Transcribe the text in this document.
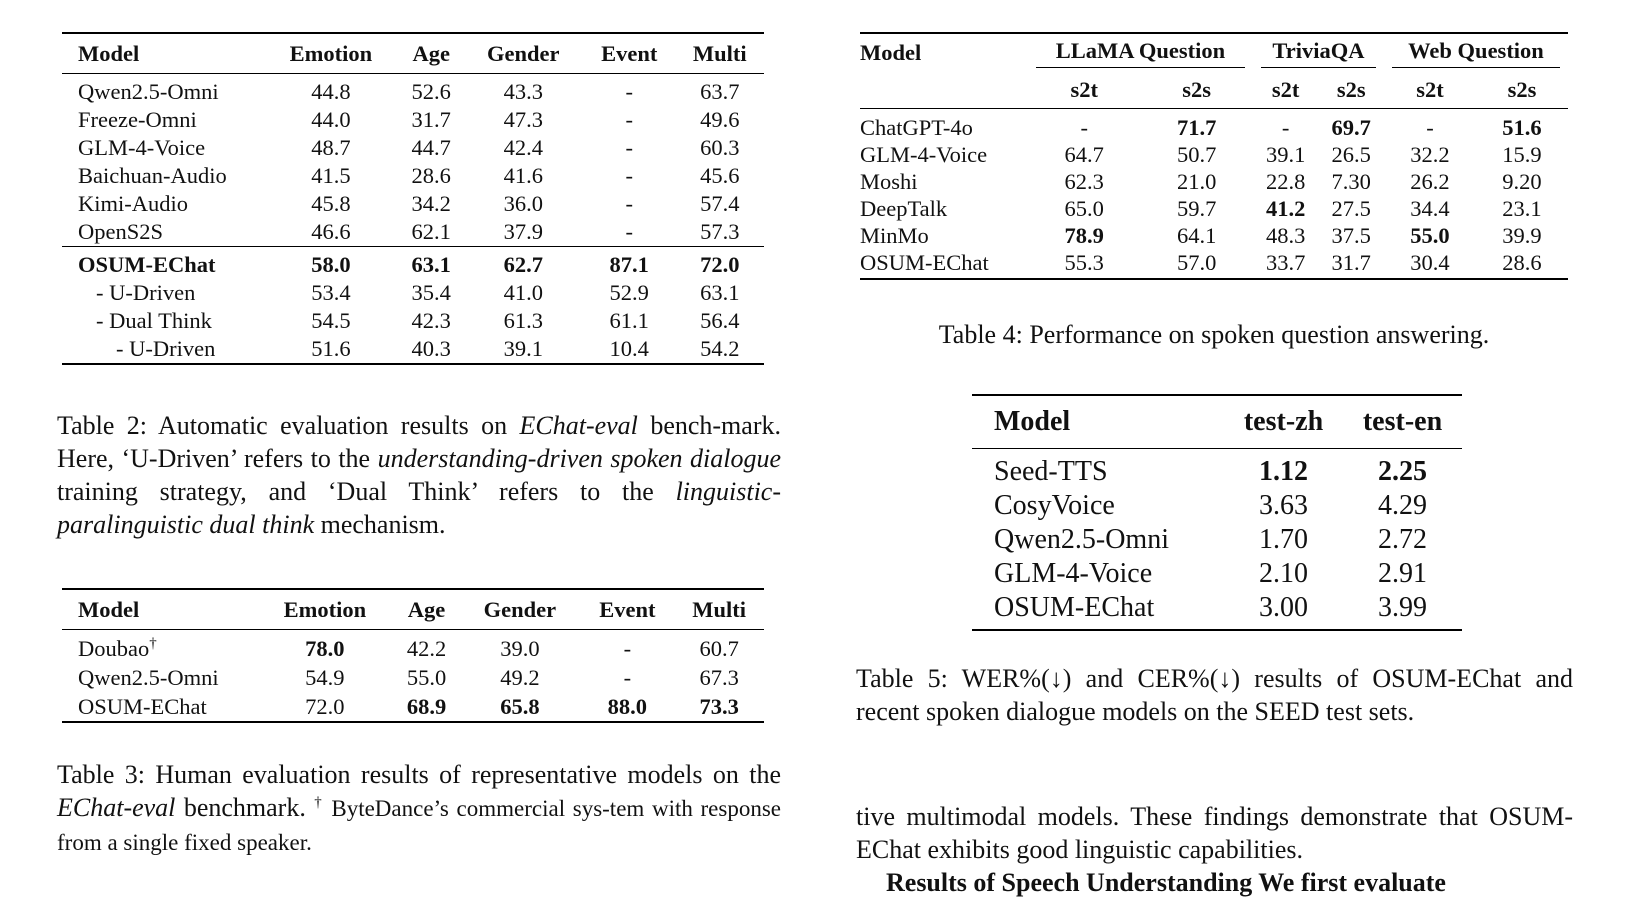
Model	Emotion	Age	Gender	Event	Multi
Qwen2.5-Omni	44.8	52.6	43.3	-	63.7
Freeze-Omni	44.0	31.7	47.3	-	49.6
GLM-4-Voice	48.7	44.7	42.4	-	60.3
Baichuan-Audio	41.5	28.6	41.6	-	45.6
Kimi-Audio	45.8	34.2	36.0	-	57.4
OpenS2S	46.6	62.1	37.9	-	57.3
OSUM-EChat	58.0	63.1	62.7	87.1	72.0
- U-Driven	53.4	35.4	41.0	52.9	63.1
- Dual Think	54.5	42.3	61.3	61.1	56.4
- U-Driven	51.6	40.3	39.1	10.4	54.2
Table 2: Automatic evaluation results on EChat-eval bench-mark. Here, ‘U-Driven’ refers to the understanding-driven spoken dialogue training strategy, and ‘Dual Think’ refers to the linguistic-paralinguistic dual think mechanism.
Model	Emotion	Age	Gender	Event	Multi
Doubao†	78.0	42.2	39.0	-	60.7
Qwen2.5-Omni	54.9	55.0	49.2	-	67.3
OSUM-EChat	72.0	68.9	65.8	88.0	73.3
Table 3: Human evaluation results of representative models on the EChat-eval benchmark. † ByteDance’s commercial sys-tem with response from a single fixed speaker.
Model	LLaMA Question		TriviaQA		Web Question	

	s2t	s2s	s2t	s2s	s2t	s2s
ChatGPT-4o	-	71.7	-	69.7	-	51.6
GLM-4-Voice	64.7	50.7	39.1	26.5	32.2	15.9
Moshi	62.3	21.0	22.8	7.30	26.2	9.20
DeepTalk	65.0	59.7	41.2	27.5	34.4	23.1
MinMo	78.9	64.1	48.3	37.5	55.0	39.9
OSUM-EChat	55.3	57.0	33.7	31.7	30.4	28.6
Table 4: Performance on spoken question answering.
Model	test-zh	test-en
Seed-TTS	1.12	2.25
CosyVoice	3.63	4.29
Qwen2.5-Omni	1.70	2.72
GLM-4-Voice	2.10	2.91
OSUM-EChat	3.00	3.99
Table 5: WER%(↓) and CER%(↓) results of OSUM-EChat and recent spoken dialogue models on the SEED test sets.
tive multimodal models. These findings demonstrate that OSUM-EChat exhibits good linguistic capabilities.
Results of Speech Understanding We first evaluate
